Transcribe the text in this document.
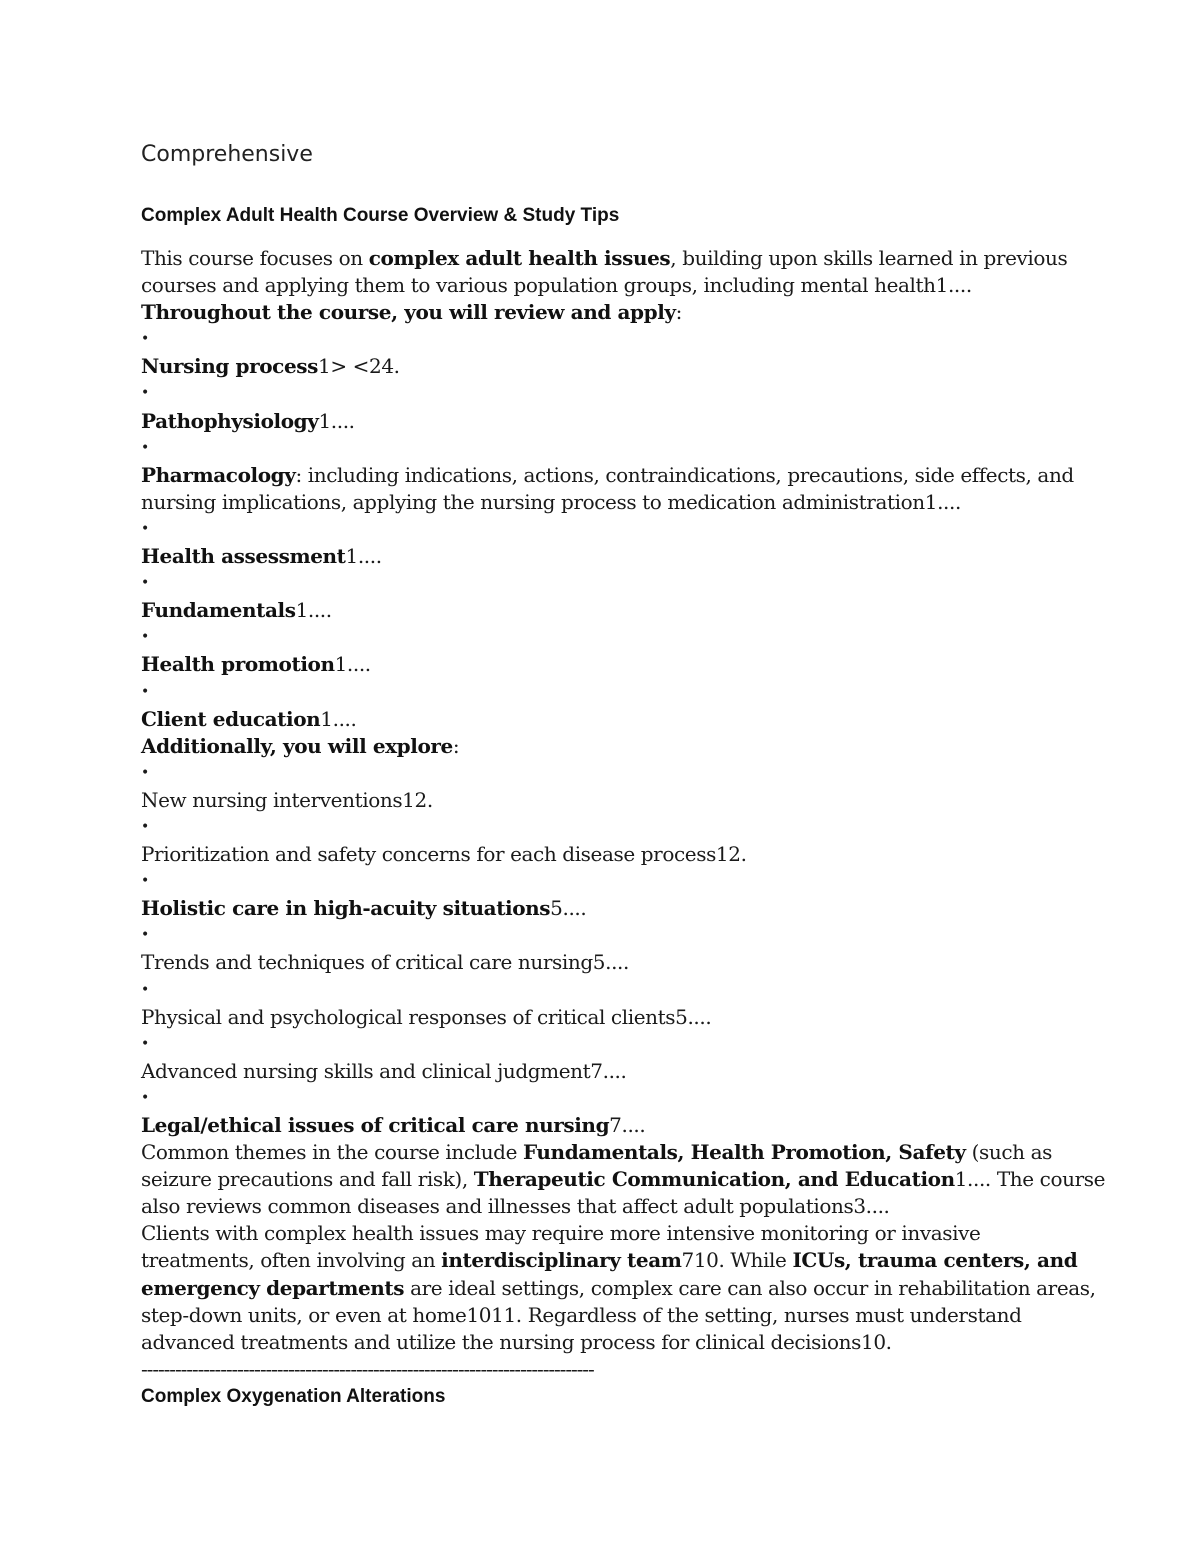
Comprehensive
Complex Adult Health Course Overview & Study Tips
This course focuses on complex adult health issues, building upon skills learned in previous
courses and applying them to various population groups, including mental health1....
Throughout the course, you will review and apply:
•
Nursing process1> <24.
•
Pathophysiology1....
•
Pharmacology: including indications, actions, contraindications, precautions, side effects, and
nursing implications, applying the nursing process to medication administration1....
•
Health assessment1....
•
Fundamentals1....
•
Health promotion1....
•
Client education1....
Additionally, you will explore:
•
New nursing interventions12.
•
Prioritization and safety concerns for each disease process12.
•
Holistic care in high-acuity situations5....
•
Trends and techniques of critical care nursing5....
•
Physical and psychological responses of critical clients5....
•
Advanced nursing skills and clinical judgment7....
•
Legal/ethical issues of critical care nursing7....
Common themes in the course include Fundamentals, Health Promotion, Safety (such as
seizure precautions and fall risk), Therapeutic Communication, and Education1.... The course
also reviews common diseases and illnesses that affect adult populations3....
Clients with complex health issues may require more intensive monitoring or invasive
treatments, often involving an interdisciplinary team710. While ICUs, trauma centers, and
emergency departments are ideal settings, complex care can also occur in rehabilitation areas,
step-down units, or even at home1011. Regardless of the setting, nurses must understand
advanced treatments and utilize the nursing process for clinical decisions10.
--------------------------------------------------------------------------------
Complex Oxygenation Alterations
